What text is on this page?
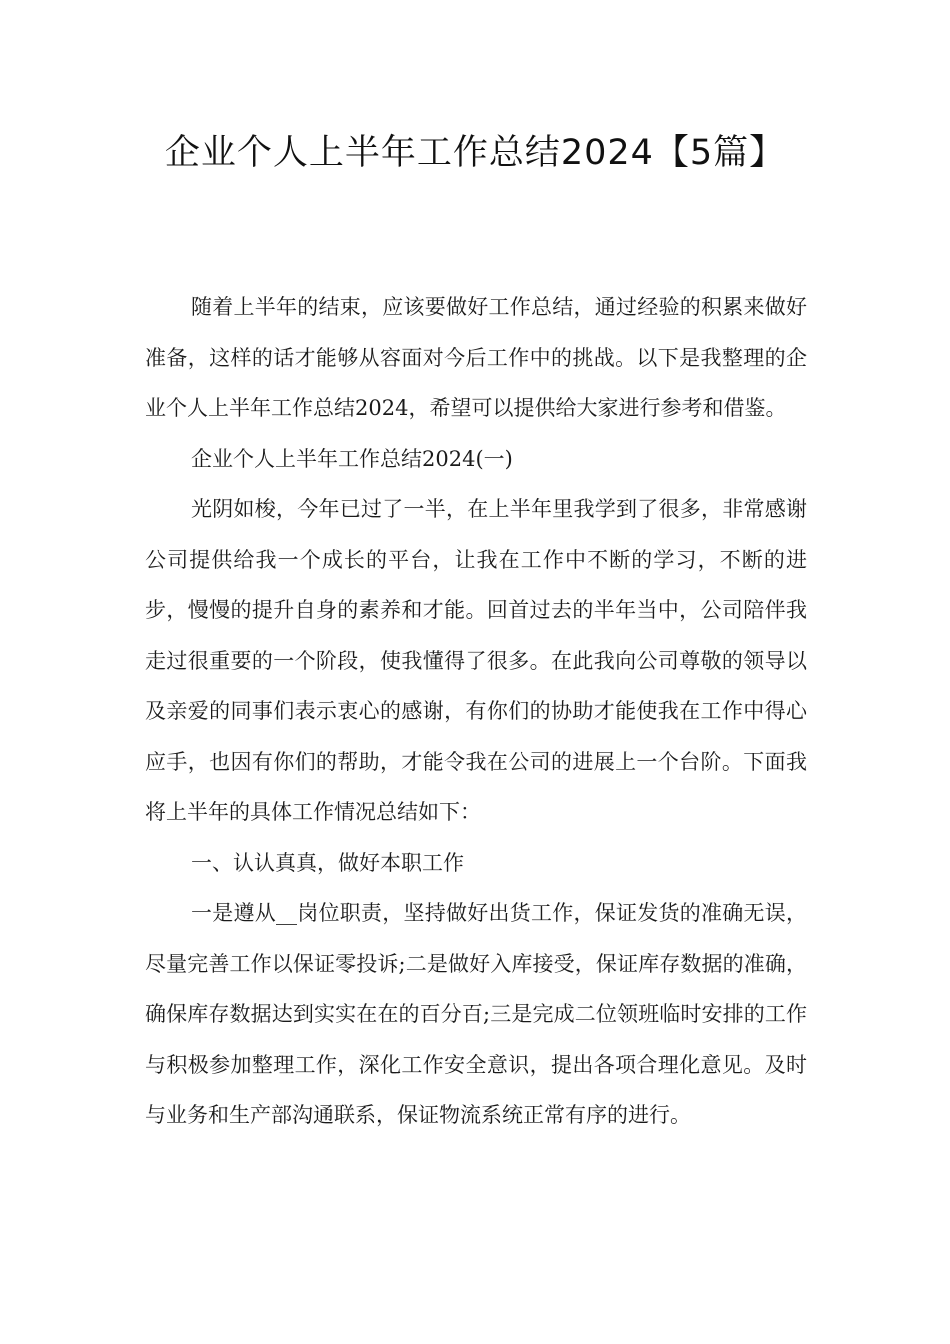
企业个人上半年工作总结2024【5篇】

随着上半年的结束，应该要做好工作总结，通过经验的积累来做好准备，这样的话才能够从容面对今后工作中的挑战。以下是我整理的企业个人上半年工作总结2024，希望可以提供给大家进行参考和借鉴。

企业个人上半年工作总结2024(一)

光阴如梭，今年已过了一半，在上半年里我学到了很多，非常感谢公司提供给我一个成长的平台，让我在工作中不断的学习，不断的进步，慢慢的提升自身的素养和才能。回首过去的半年当中，公司陪伴我走过很重要的一个阶段，使我懂得了很多。在此我向公司尊敬的领导以及亲爱的同事们表示衷心的感谢，有你们的协助才能使我在工作中得心应手，也因有你们的帮助，才能令我在公司的进展上一个台阶。下面我将上半年的具体工作情况总结如下：

一、认认真真，做好本职工作

一是遵从__岗位职责，坚持做好出货工作，保证发货的准确无误，尽量完善工作以保证零投诉;二是做好入库接受，保证库存数据的准确，确保库存数据达到实实在在的百分百;三是完成二位领班临时安排的工作与积极参加整理工作，深化工作安全意识，提出各项合理化意见。及时与业务和生产部沟通联系，保证物流系统正常有序的进行。
